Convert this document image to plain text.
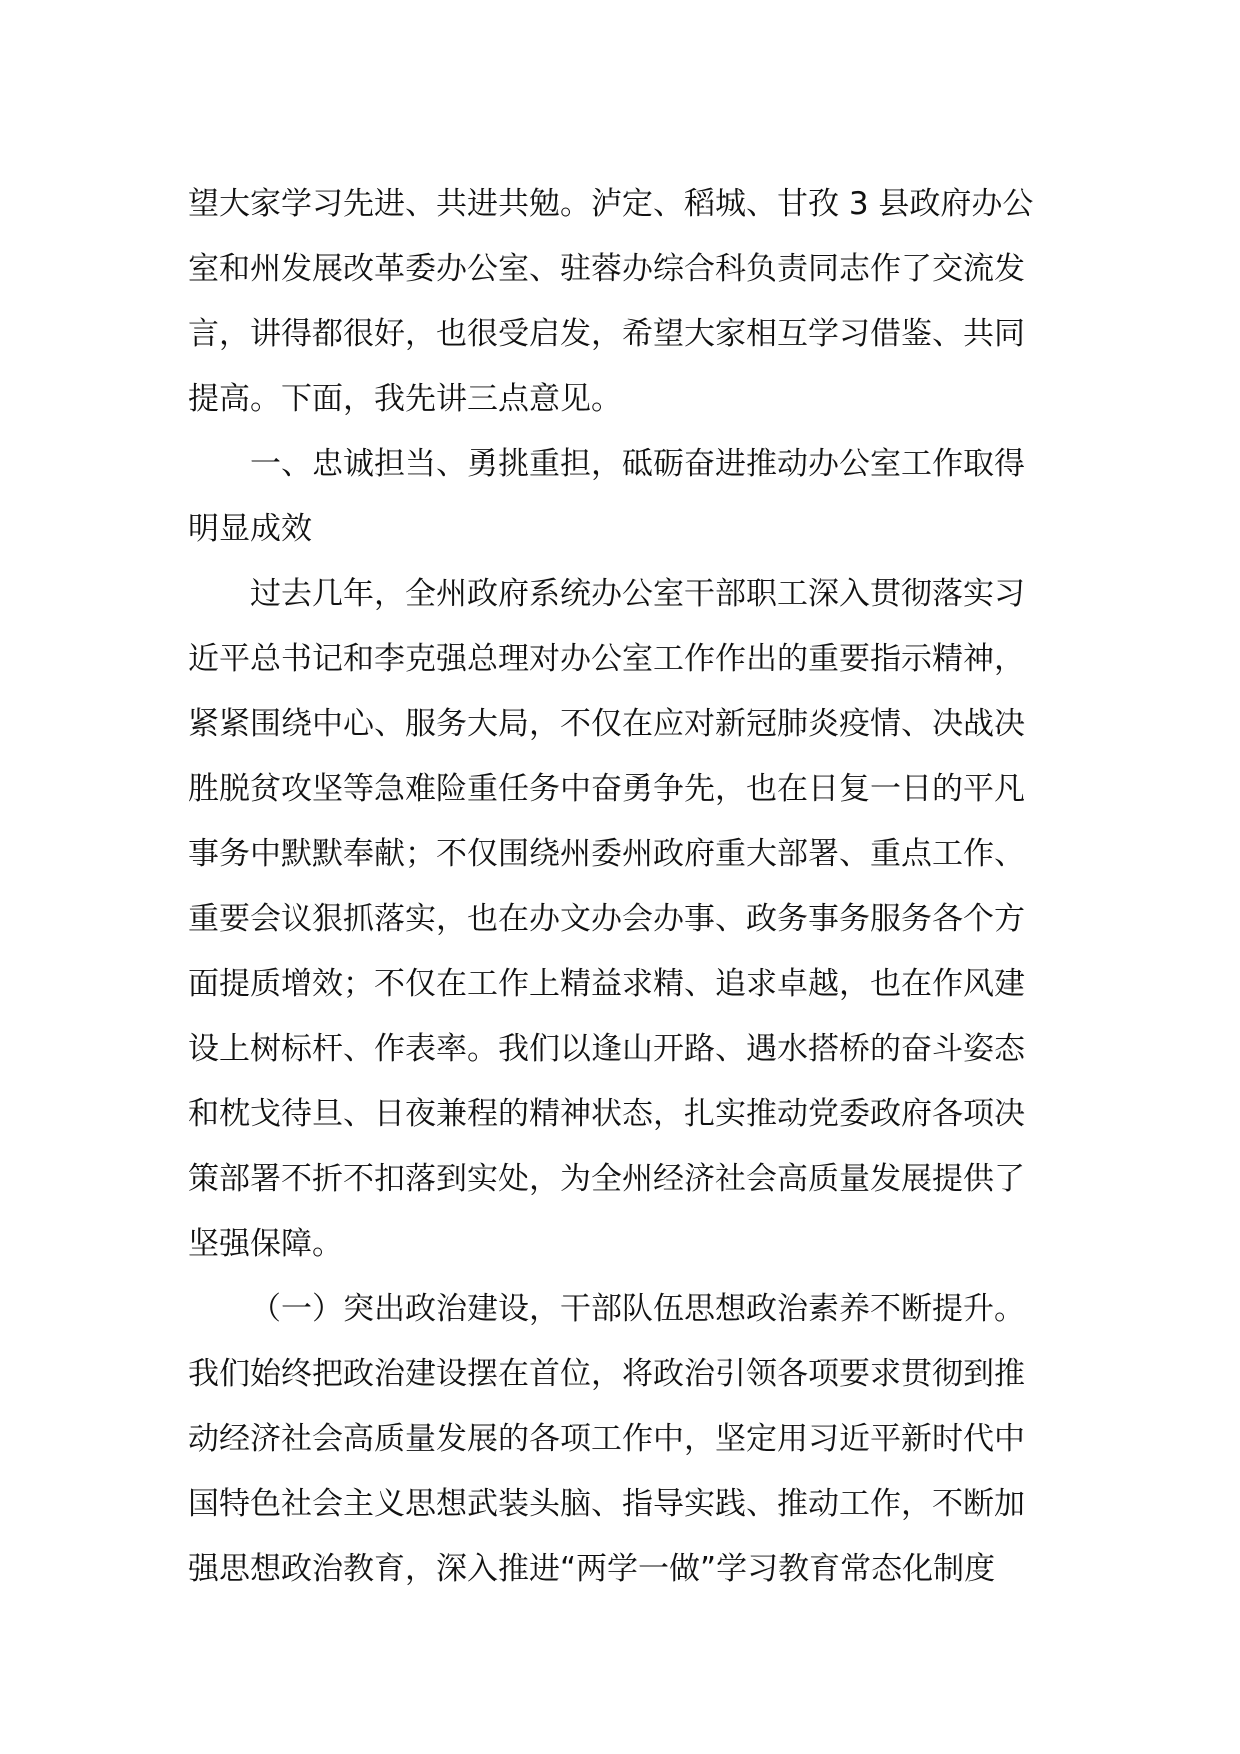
望大家学习先进、共进共勉。泸定、稻城、甘孜 3 县政府办公
室和州发展改革委办公室、驻蓉办综合科负责同志作了交流发
言，讲得都很好，也很受启发，希望大家相互学习借鉴、共同
提高。下面，我先讲三点意见。
一、忠诚担当、勇挑重担，砥砺奋进推动办公室工作取得
明显成效
过去几年，全州政府系统办公室干部职工深入贯彻落实习
近平总书记和李克强总理对办公室工作作出的重要指示精神，
紧紧围绕中心、服务大局，不仅在应对新冠肺炎疫情、决战决
胜脱贫攻坚等急难险重任务中奋勇争先，也在日复一日的平凡
事务中默默奉献；不仅围绕州委州政府重大部署、重点工作、
重要会议狠抓落实，也在办文办会办事、政务事务服务各个方
面提质增效；不仅在工作上精益求精、追求卓越，也在作风建
设上树标杆、作表率。我们以逢山开路、遇水搭桥的奋斗姿态
和枕戈待旦、日夜兼程的精神状态，扎实推动党委政府各项决
策部署不折不扣落到实处，为全州经济社会高质量发展提供了
坚强保障。
（一）突出政治建设，干部队伍思想政治素养不断提升。
我们始终把政治建设摆在首位，将政治引领各项要求贯彻到推
动经济社会高质量发展的各项工作中，坚定用习近平新时代中
国特色社会主义思想武装头脑、指导实践、推动工作，不断加
强思想政治教育，深入推进“两学一做”学习教育常态化制度
